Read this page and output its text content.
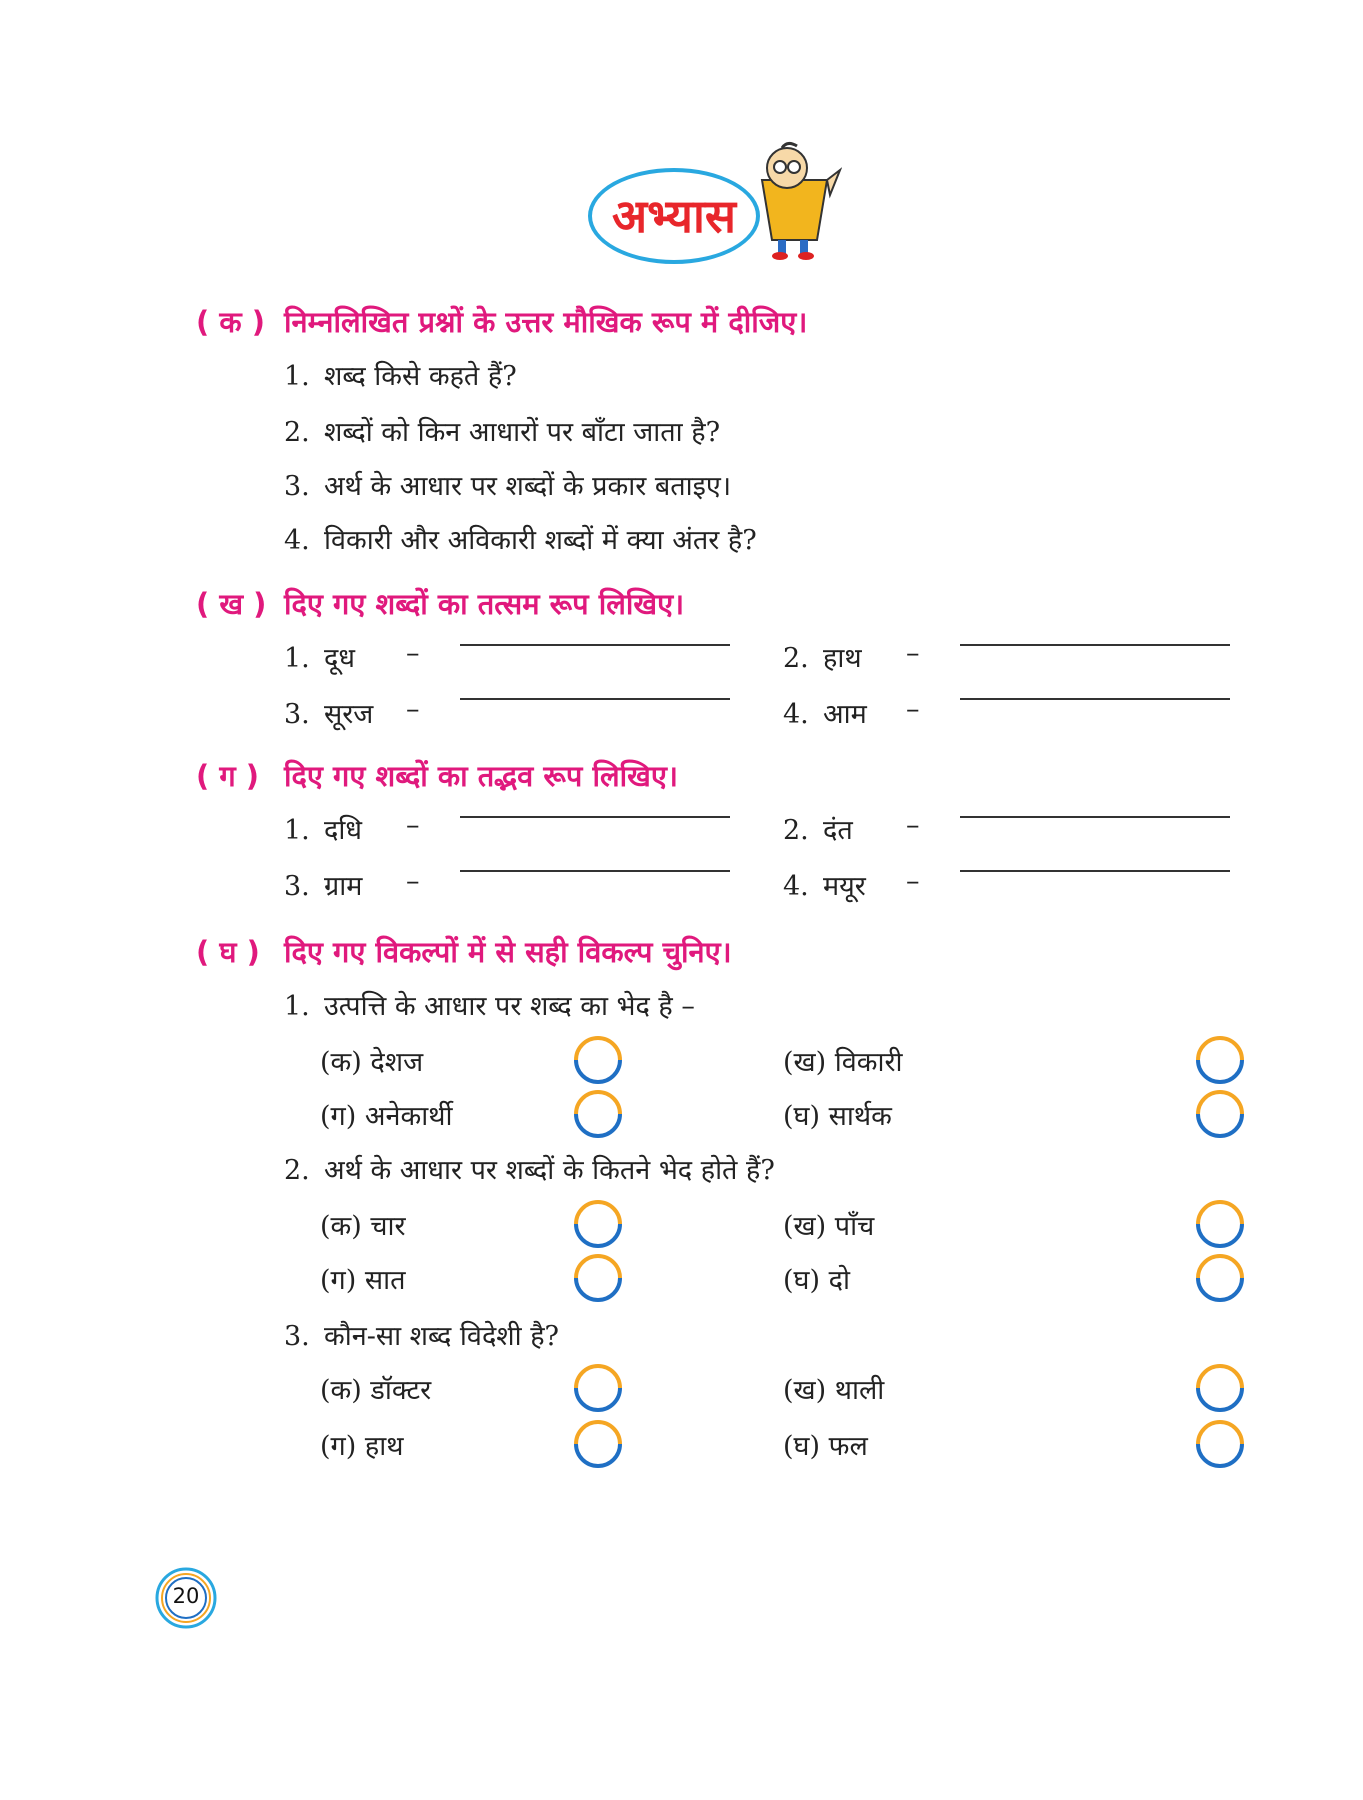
अभ्यास
( क ) निम्नलिखित प्रश्नों के उत्तर मौखिक रूप में दीजिए।
1. शब्द किसे कहते हैं?
2. शब्दों को किन आधारों पर बाँटा जाता है?
3. अर्थ के आधार पर शब्दों के प्रकार बताइए।
4. विकारी और अविकारी शब्दों में क्या अंतर है?
( ख ) दिए गए शब्दों का तत्सम रूप लिखिए।
1. दूध –	2. हाथ –
3. सूरज –	4. आम –
( ग ) दिए गए शब्दों का तद्भव रूप लिखिए।
1. दधि –	2. दंत –
3. ग्राम –	4. मयूर –
( घ ) दिए गए विकल्पों में से सही विकल्प चुनिए।
1. उत्पत्ति के आधार पर शब्द का भेद है –
(क) देशज	(ख) विकारी
(ग) अनेकार्थी	(घ) सार्थक
2. अर्थ के आधार पर शब्दों के कितने भेद होते हैं?
(क) चार	(ख) पाँच
(ग) सात	(घ) दो
3. कौन-सा शब्द विदेशी है?
(क) डॉक्टर	(ख) थाली
(ग) हाथ	(घ) फल
20
